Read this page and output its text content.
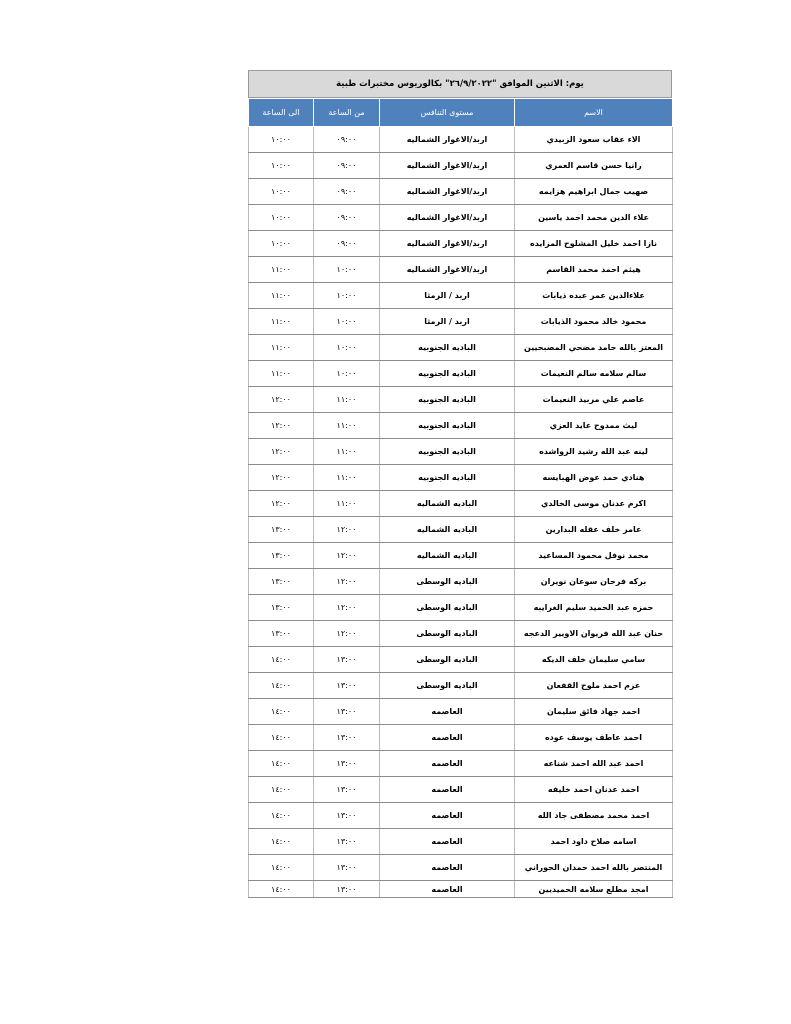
يوم: الاثنين الموافق "٢٦/٩/٢٠٢٢" بكالوريوس مختبرات طبية
الاسم	مستوى التنافس	من الساعة	الى الساعة
الاء عقاب سعود الزبيدي	اربد/الاغوار الشماليه	٠٩:٠٠	١٠:٠٠
رانيا حسن قاسم العمري	اربد/الاغوار الشماليه	٠٩:٠٠	١٠:٠٠
صهيب جمال ابراهيم هزايمه	اربد/الاغوار الشماليه	٠٩:٠٠	١٠:٠٠
علاء الدين محمد احمد ياسين	اربد/الاغوار الشماليه	٠٩:٠٠	١٠:٠٠
نازا احمد خليل المشلوح المزايده	اربد/الاغوار الشماليه	٠٩:٠٠	١٠:٠٠
هيثم احمد محمد القاسم	اربد/الاغوار الشماليه	١٠:٠٠	١١:٠٠
علاءالدين عمر عبده ذيابات	اربد / الرمثا	١٠:٠٠	١١:٠٠
محمود خالد محمود الذيابات	اربد / الرمثا	١٠:٠٠	١١:٠٠
المعتز بالله حامد مضحي المصبحيين	الباديه الجنوبيه	١٠:٠٠	١١:٠٠
سالم سلامه سالم النعيمات	الباديه الجنوبيه	١٠:٠٠	١١:٠٠
عاصم علي مربيد النعيمات	الباديه الجنوبيه	١١:٠٠	١٢:٠٠
ليث ممدوح عايد العزي	الباديه الجنوبيه	١١:٠٠	١٢:٠٠
لينه عبد الله رشيد الرواشده	الباديه الجنوبيه	١١:٠٠	١٢:٠٠
هنادي حمد عوض الهبايسه	الباديه الجنوبيه	١١:٠٠	١٢:٠٠
اكرم عدنان موسى الخالدي	الباديه الشماليه	١١:٠٠	١٢:٠٠
عامر خلف عقله البدارين	الباديه الشماليه	١٢:٠٠	١٣:٠٠
محمد نوفل محمود المساعيد	الباديه الشماليه	١٢:٠٠	١٣:٠٠
بركه فرحان سوعان نويران	الباديه الوسطى	١٢:٠٠	١٣:٠٠
حمزه عبد الحميد سليم الغرايبه	الباديه الوسطى	١٢:٠٠	١٣:٠٠
حنان عبد الله فريوان الاويير الدعجه	الباديه الوسطى	١٢:٠٠	١٣:٠٠
سامي سليمان خلف الديكه	الباديه الوسطى	١٣:٠٠	١٤:٠٠
عزم احمد ملوح القفعان	الباديه الوسطى	١٣:٠٠	١٤:٠٠
احمد جهاد فائق سليمان	العاصمه	١٣:٠٠	١٤:٠٠
احمد عاطف يوسف عوده	العاصمه	١٣:٠٠	١٤:٠٠
احمد عبد الله احمد شناعه	العاصمه	١٣:٠٠	١٤:٠٠
احمد عدنان احمد خليفه	العاصمه	١٣:٠٠	١٤:٠٠
احمد محمد مصطفى جاد الله	العاصمه	١٣:٠٠	١٤:٠٠
اسامه صلاح داود احمد	العاصمه	١٣:٠٠	١٤:٠٠
المنتصر بالله احمد حمدان الحوراني	العاصمه	١٣:٠٠	١٤:٠٠
امجد مطلع سلامه الحميديين	العاصمه	١٣:٠٠	١٤:٠٠
